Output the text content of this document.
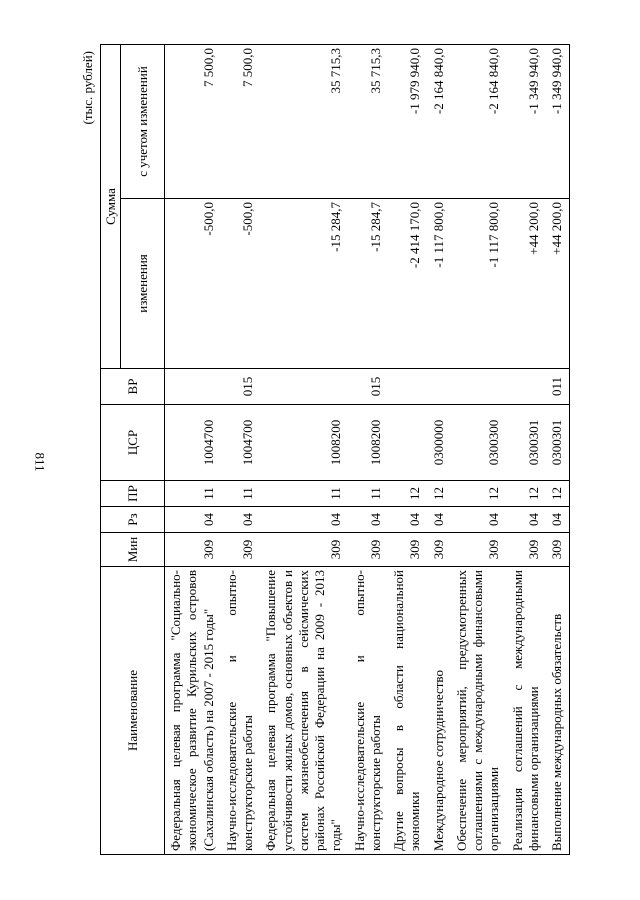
811
(тыс. рублей)
Наименование	Мин	Рз	ПР	ЦСР	ВР	Сумма	
						изменения	с учетом изменений
Федеральная целевая программа "Социально-экономическое развитие Курильских островов (Сахалинская область) на 2007 - 2015 годы"	309	04	11	1004700		-500,0	7 500,0
Научно-исследовательские и опытно-конструкторские работы	309	04	11	1004700	015	-500,0	7 500,0
Федеральная целевая программа "Повышение устойчивости жилых домов, основных объектов и систем жизнеобеспечения в сейсмических районах Российской Федерации на 2009 - 2013 годы"	309	04	11	1008200		-15 284,7	35 715,3
Научно-исследовательские и опытно-конструкторские работы	309	04	11	1008200	015	-15 284,7	35 715,3
Другие вопросы в области национальной экономики	309	04	12			-2 414 170,0	-1 979 940,0
Международное сотрудничество	309	04	12	0300000		-1 117 800,0	-2 164 840,0
Обеспечение мероприятий, предусмотренных соглашениями с международными финансовыми организациями	309	04	12	0300300		-1 117 800,0	-2 164 840,0
Реализация соглашений с международными финансовыми организациями	309	04	12	0300301		+44 200,0	-1 349 940,0
Выполнение международных обязательств	309	04	12	0300301	011	+44 200,0	-1 349 940,0
